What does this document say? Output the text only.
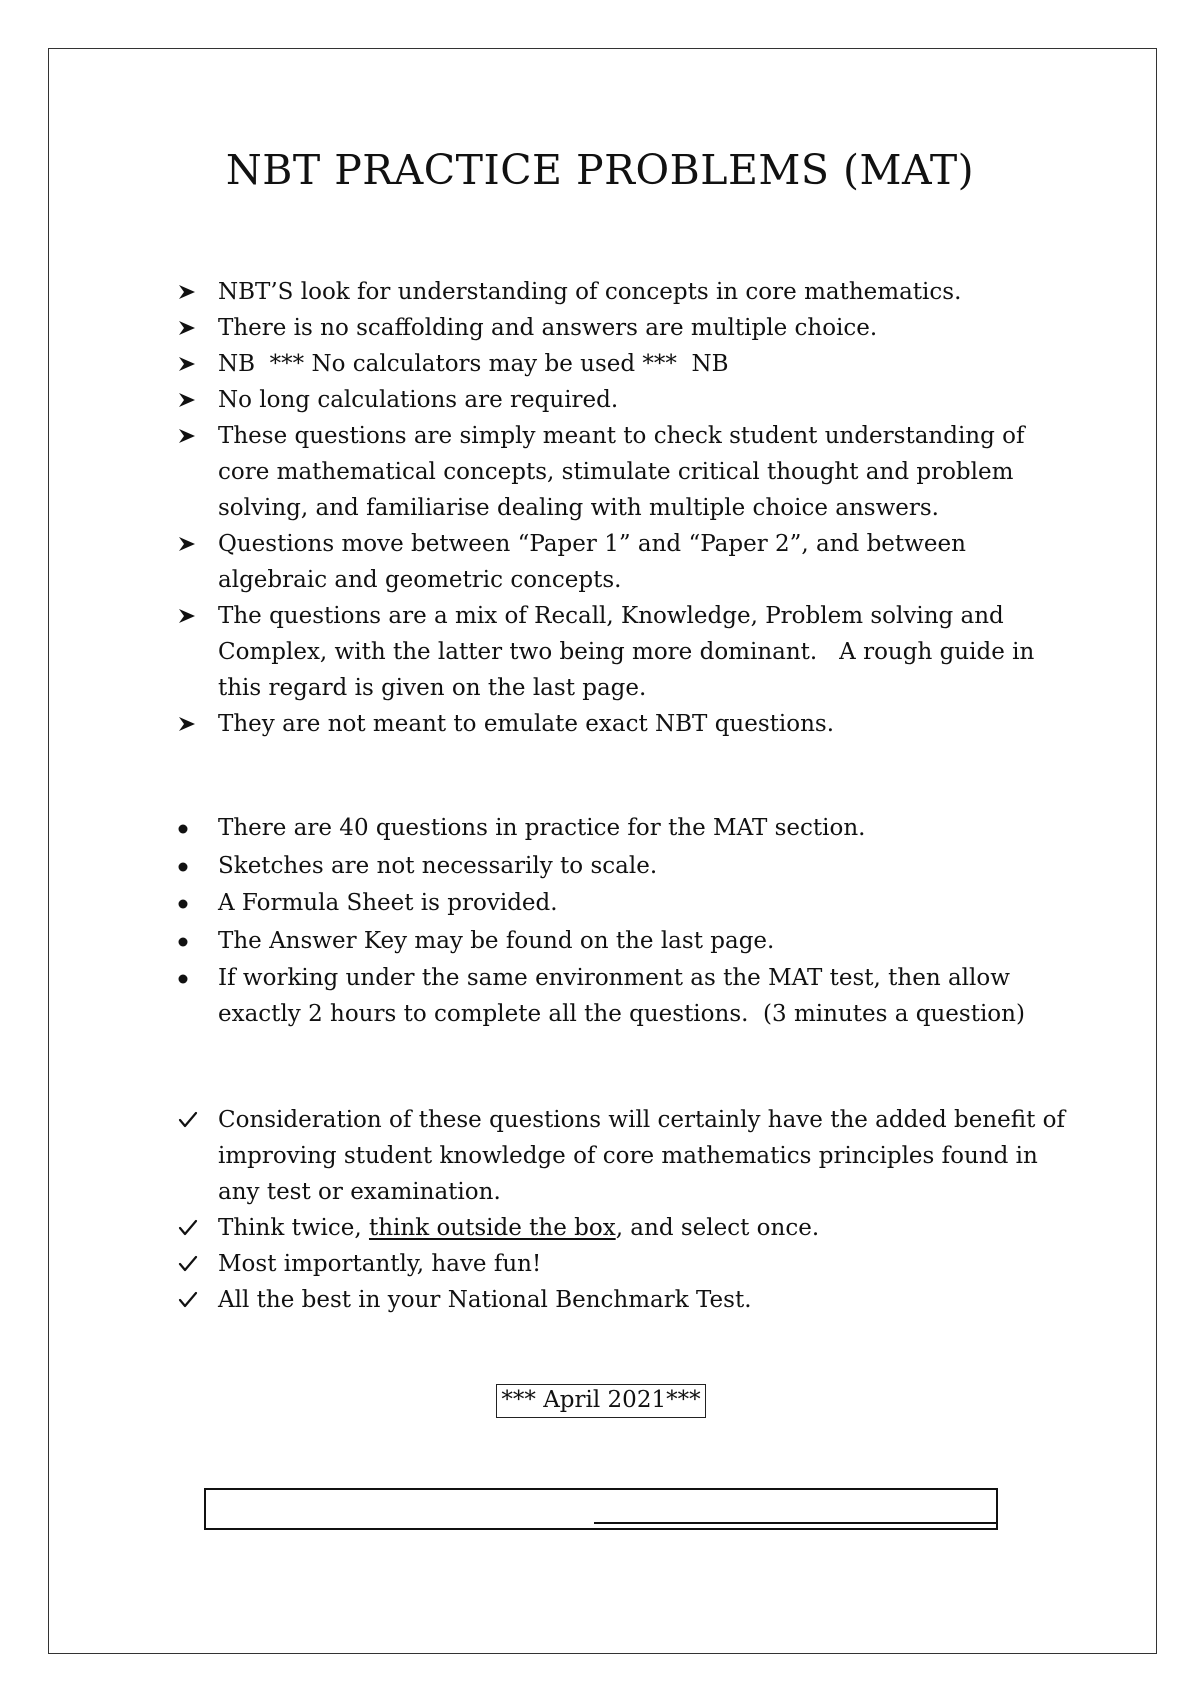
NBT PRACTICE PROBLEMS (MAT)
NBT’S look for understanding of concepts in core mathematics.
There is no scaffolding and answers are multiple choice.
NB  *** No calculators may be used ***  NB
No long calculations are required.
These questions are simply meant to check student understanding of core mathematical concepts, stimulate critical thought and problem solving, and familiarise dealing with multiple choice answers.
Questions move between “Paper 1” and “Paper 2”, and between algebraic and geometric concepts.
The questions are a mix of Recall, Knowledge, Problem solving and Complex, with the latter two being more dominant.   A rough guide in this regard is given on the last page.
They are not meant to emulate exact NBT questions.
There are 40 questions in practice for the MAT section.
Sketches are not necessarily to scale.
A Formula Sheet is provided.
The Answer Key may be found on the last page.
If working under the same environment as the MAT test, then allow exactly 2 hours to complete all the questions.  (3 minutes a question)
Consideration of these questions will certainly have the added benefit of improving student knowledge of core mathematics principles found in any test or examination.
Think twice, think outside the box, and select once.
Most importantly, have fun!
All the best in your National Benchmark Test.
*** April 2021***
